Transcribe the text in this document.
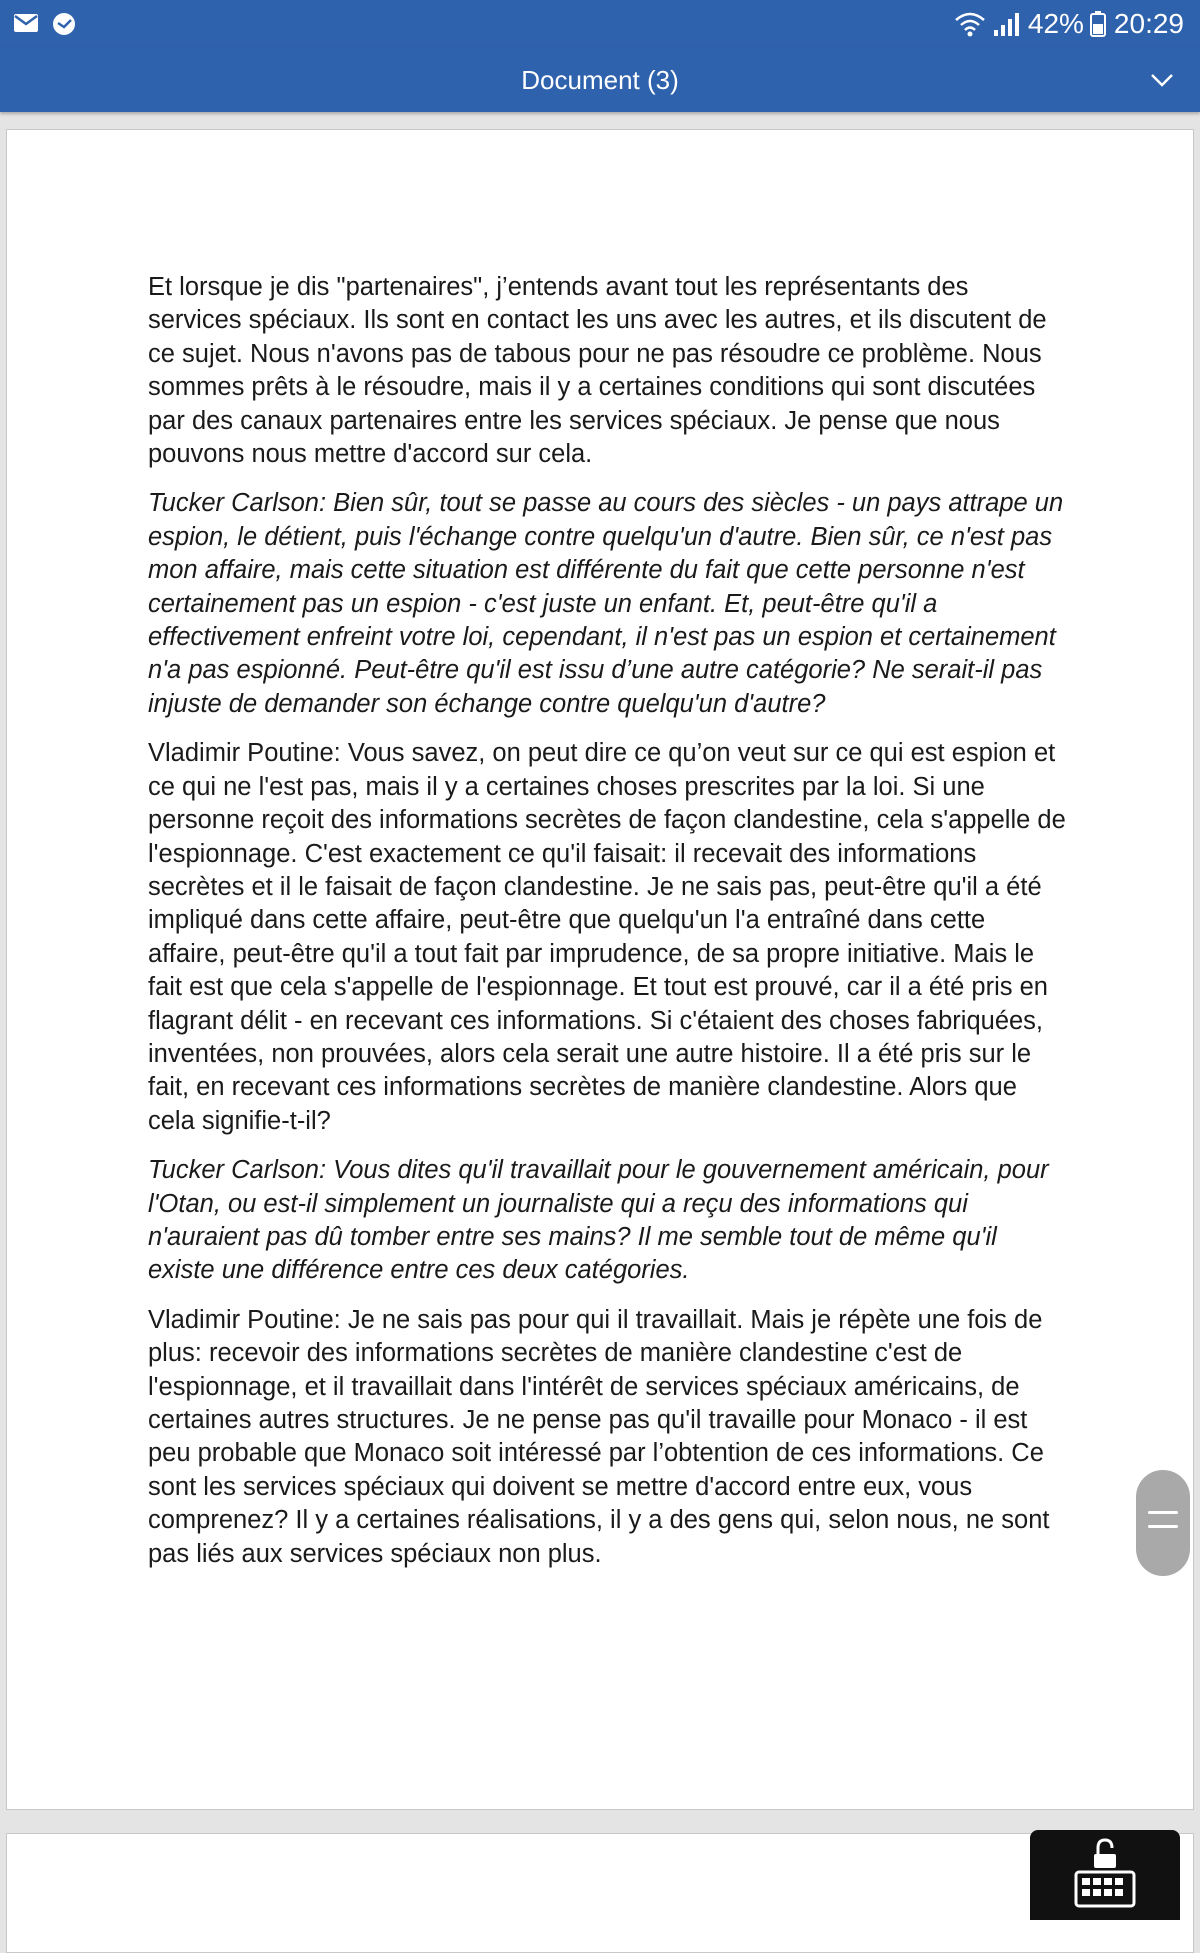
42% 20:29
Document (3)

Et lorsque je dis "partenaires", j’entends avant tout les représentants des services spéciaux. Ils sont en contact les uns avec les autres, et ils discutent de ce sujet. Nous n'avons pas de tabous pour ne pas résoudre ce problème. Nous sommes prêts à le résoudre, mais il y a certaines conditions qui sont discutées par des canaux partenaires entre les services spéciaux. Je pense que nous pouvons nous mettre d'accord sur cela.

Tucker Carlson: Bien sûr, tout se passe au cours des siècles - un pays attrape un espion, le détient, puis l'échange contre quelqu'un d'autre. Bien sûr, ce n'est pas mon affaire, mais cette situation est différente du fait que cette personne n'est certainement pas un espion - c'est juste un enfant. Et, peut-être qu'il a effectivement enfreint votre loi, cependant, il n'est pas un espion et certainement n'a pas espionné. Peut-être qu'il est issu d’une autre catégorie? Ne serait-il pas injuste de demander son échange contre quelqu'un d'autre?

Vladimir Poutine: Vous savez, on peut dire ce qu’on veut sur ce qui est espion et ce qui ne l'est pas, mais il y a certaines choses prescrites par la loi. Si une personne reçoit des informations secrètes de façon clandestine, cela s'appelle de l'espionnage. C'est exactement ce qu'il faisait: il recevait des informations secrètes et il le faisait de façon clandestine. Je ne sais pas, peut-être qu'il a été impliqué dans cette affaire, peut-être que quelqu'un l'a entraîné dans cette affaire, peut-être qu'il a tout fait par imprudence, de sa propre initiative. Mais le fait est que cela s'appelle de l'espionnage. Et tout est prouvé, car il a été pris en flagrant délit - en recevant ces informations. Si c'étaient des choses fabriquées, inventées, non prouvées, alors cela serait une autre histoire. Il a été pris sur le fait, en recevant ces informations secrètes de manière clandestine. Alors que cela signifie-t-il?

Tucker Carlson: Vous dites qu'il travaillait pour le gouvernement américain, pour l'Otan, ou est-il simplement un journaliste qui a reçu des informations qui n'auraient pas dû tomber entre ses mains? Il me semble tout de même qu'il existe une différence entre ces deux catégories.

Vladimir Poutine: Je ne sais pas pour qui il travaillait. Mais je répète une fois de plus: recevoir des informations secrètes de manière clandestine c'est de l'espionnage, et il travaillait dans l'intérêt de services spéciaux américains, de certaines autres structures. Je ne pense pas qu'il travaille pour Monaco - il est peu probable que Monaco soit intéressé par l’obtention de ces informations. Ce sont les services spéciaux qui doivent se mettre d'accord entre eux, vous comprenez? Il y a certaines réalisations, il y a des gens qui, selon nous, ne sont pas liés aux services spéciaux non plus.
